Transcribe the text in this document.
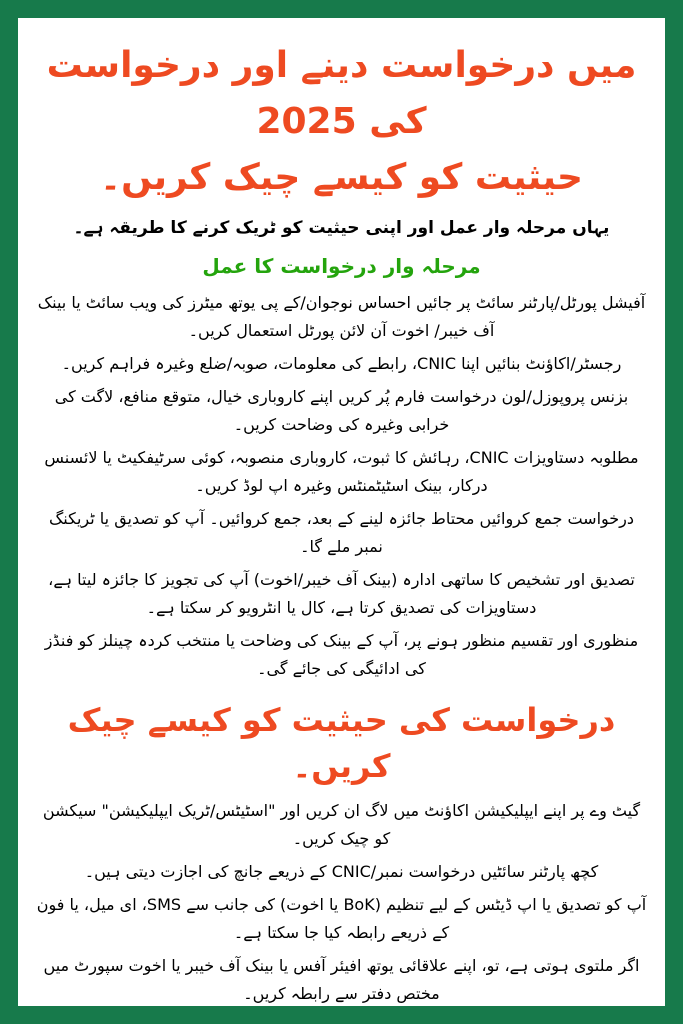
میں درخواست دینے اور درخواست کی 2025
حیثیت کو کیسے چیک کریں۔

یہاں مرحلہ وار عمل اور اپنی حیثیت کو ٹریک کرنے کا طریقہ ہے۔

مرحلہ وار درخواست کا عمل

آفیشل پورٹل/پارٹنر سائٹ پر جائیں احساس نوجوان/کے پی یوتھ میٹرز کی ویب سائٹ یا بینک آف خیبر/ اخوت آن لائن پورٹل استعمال کریں۔

رجسٹر/اکاؤنٹ بنائیں اپنا CNIC، رابطے کی معلومات، صوبہ/ضلع وغیرہ فراہم کریں۔

بزنس پروپوزل/لون درخواست فارم پُر کریں اپنے کاروباری خیال، متوقع منافع، لاگت کی خرابی وغیرہ کی وضاحت کریں۔

مطلوبہ دستاویزات CNIC، رہائش کا ثبوت، کاروباری منصوبہ، کوئی سرٹیفکیٹ یا لائسنس درکار، بینک اسٹیٹمنٹس وغیرہ اپ لوڈ کریں۔

درخواست جمع کروائیں محتاط جائزہ لینے کے بعد، جمع کروائیں۔ آپ کو تصدیق یا ٹریکنگ نمبر ملے گا۔

تصدیق اور تشخیص کا ساتھی ادارہ (بینک آف خیبر/اخوت) آپ کی تجویز کا جائزہ لیتا ہے، دستاویزات کی تصدیق کرتا ہے، کال یا انٹرویو کر سکتا ہے۔

منظوری اور تقسیم منظور ہونے پر، آپ کے بینک کی وضاحت یا منتخب کردہ چینلز کو فنڈز کی ادائیگی کی جائے گی۔

درخواست کی حیثیت کو کیسے چیک کریں۔

گیٹ وے پر اپنے ایپلیکیشن اکاؤنٹ میں لاگ ان کریں اور "اسٹیٹس/ٹریک ایپلیکیشن" سیکشن کو چیک کریں۔

کچھ پارٹنر سائٹیں درخواست نمبر/CNIC کے ذریعے جانچ کی اجازت دیتی ہیں۔

آپ کو تصدیق یا اپ ڈیٹس کے لیے تنظیم (BoK یا اخوت) کی جانب سے SMS، ای میل، یا فون کے ذریعے رابطہ کیا جا سکتا ہے۔

اگر ملتوی ہوتی ہے، تو، اپنے علاقائی یوتھ افیئر آفس یا بینک آف خیبر یا اخوت سپورٹ میں مختص دفتر سے رابطہ کریں۔
